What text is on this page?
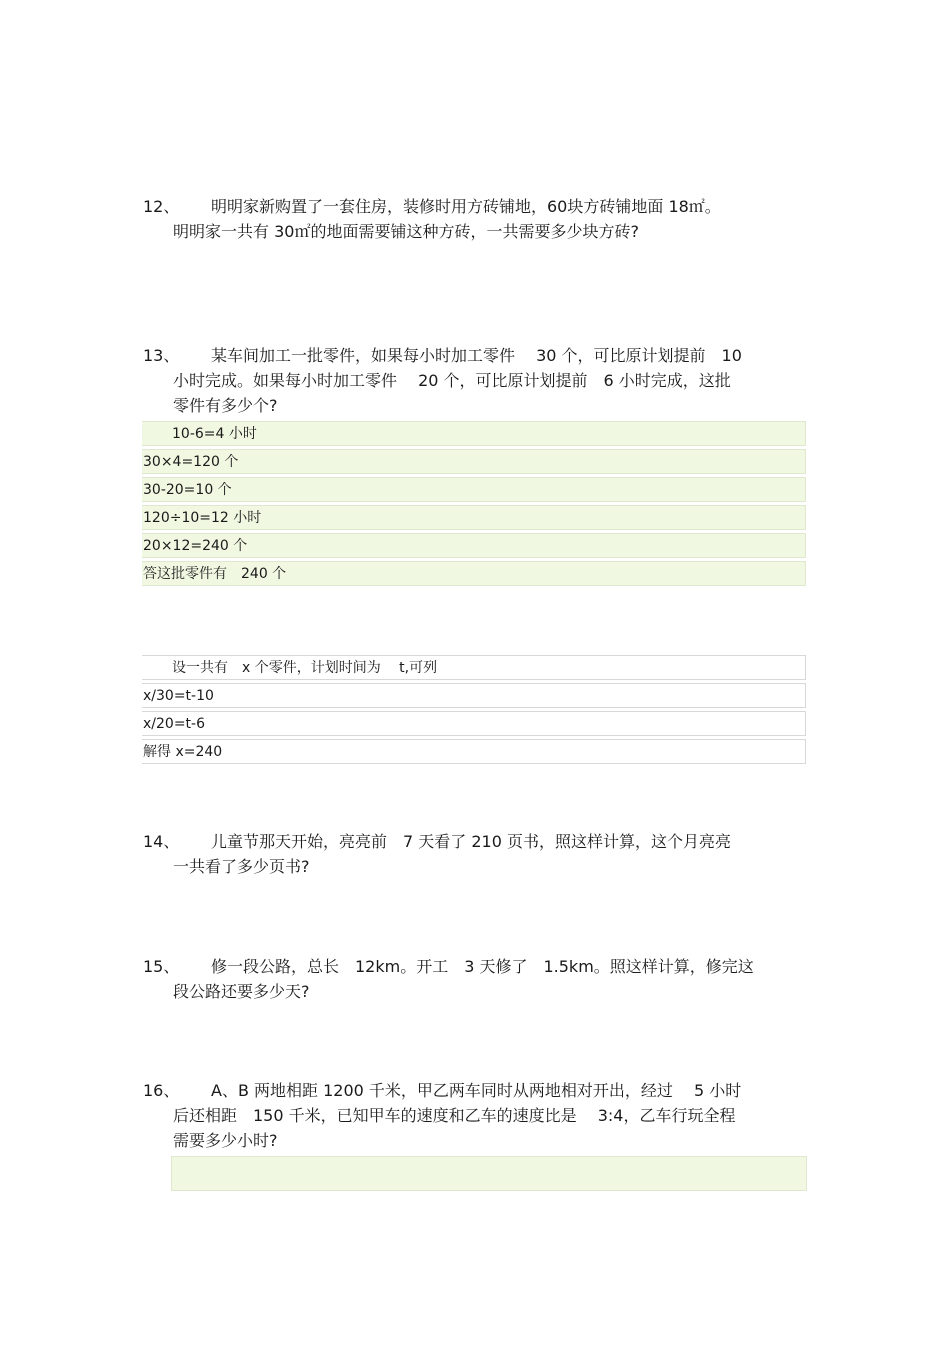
12、	明明家新购置了一套住房，装修时用方砖铺地，60块方砖铺地面 18㎡。
明明家一共有 30㎡的地面需要铺这种方砖，一共需要多少块方砖?
13、	某车间加工一批零件，如果每小时加工零件 　30 个，可比原计划提前　10
小时完成。如果每小时加工零件　 20 个，可比原计划提前　6 小时完成，这批
零件有多少个?
10-6=4 小时
30×4=120 个
30-20=10 个
120÷10=12 小时
20×12=240 个
答这批零件有　240 个
设一共有　x 个零件，计划时间为　 t,可列
x/30=t-10
x/20=t-6
解得 x=240
14、	儿童节那天开始，亮亮前　7 天看了 210 页书，照这样计算，这个月亮亮
一共看了多少页书?
15、	修一段公路，总长　12km。开工　3 天修了　1.5km。照这样计算，修完这
段公路还要多少天?
16、	A、B 两地相距 1200 千米，甲乙两车同时从两地相对开出，经过　 5 小时
后还相距　150 千米，已知甲车的速度和乙车的速度比是　 3:4，乙车行玩全程
需要多少小时?
